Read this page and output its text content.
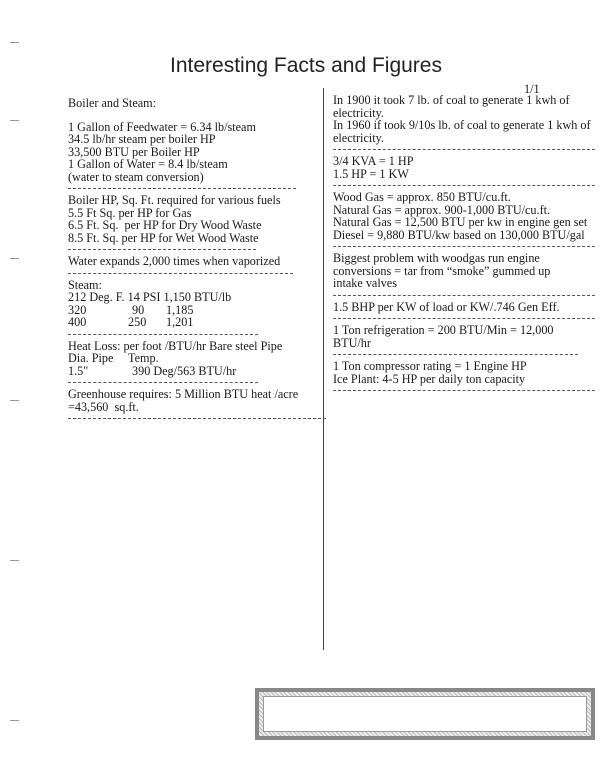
Interesting Facts and Figures
1/1
Boiler and Steam:
1 Gallon of Feedwater = 6.34 lb/steam
34.5 lb/hr steam per boiler HP
33,500 BTU per Boiler HP
1 Gallon of Water = 8.4 lb/steam
(water to steam conversion)
Boiler HP, Sq. Ft. required for various fuels
5.5 Ft Sq. per HP for Gas
6.5 Ft. Sq.  per HP for Dry Wood Waste
8.5 Ft. Sq. per HP for Wet Wood Waste
Water expands 2,000 times when vaporized
Steam:
212 Deg. F. 14 PSI 1,150 BTU/lb
320	90 1,185
400	250 1,201
Heat Loss: per foot /BTU/hr Bare steel Pipe
Dia. Pipe Temp.
1.5"	390 Deg/563 BTU/hr
Greenhouse requires: 5 Million BTU heat /acre
=43,560  sq.ft.
In 1900 it took 7 lb. of coal to generate 1 kwh of electricity.
In 1960 if took 9/10s lb. of coal to generate 1 kwh of electricity.
3/4 KVA = 1 HP
1.5 HP = 1 KW
Wood Gas = approx. 850 BTU/cu.ft.
Natural Gas = approx. 900-1,000 BTU/cu.ft.
Natural Gas = 12,500 BTU per kw in engine gen set
Diesel = 9,880 BTU/kw based on 130,000 BTU/gal
Biggest problem with woodgas run engine conversions = tar from “smoke” gummed up intake valves
1.5 BHP per KW of load or KW/.746 Gen Eff.
1 Ton refrigeration = 200 BTU/Min = 12,000 BTU/hr
1 Ton compressor rating = 1 Engine HP
Ice Plant: 4-5 HP per daily ton capacity
